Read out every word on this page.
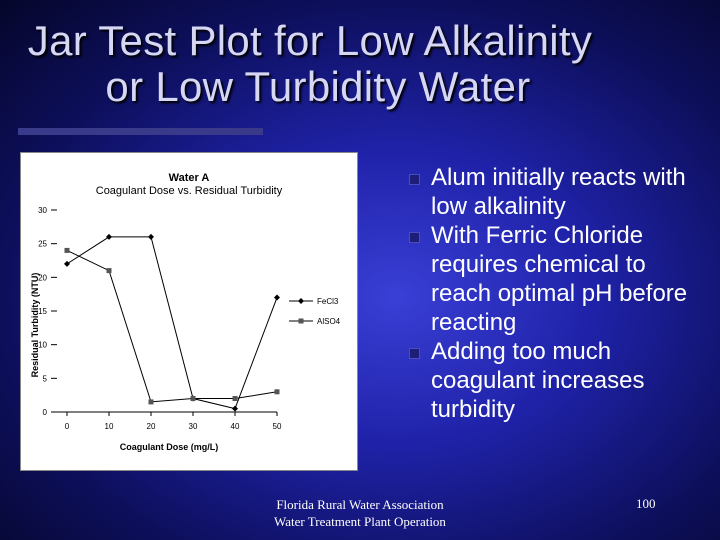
Jar Test Plot for Low Alkalinity
or Low Turbidity Water
Water A
Coagulant Dose vs. Residual Turbidity
Residual Turbidity (NTU)
Coagulant Dose (mg/L)
0
5
10
15
20
25
30
0	10	20	30	40	50
FeCl3
AlSO4
Alum initially reacts with low alkalinity
With Ferric Chloride requires chemical to reach optimal pH before reacting
Adding too much coagulant increases turbidity
Florida Rural Water Association
Water Treatment Plant Operation
100
